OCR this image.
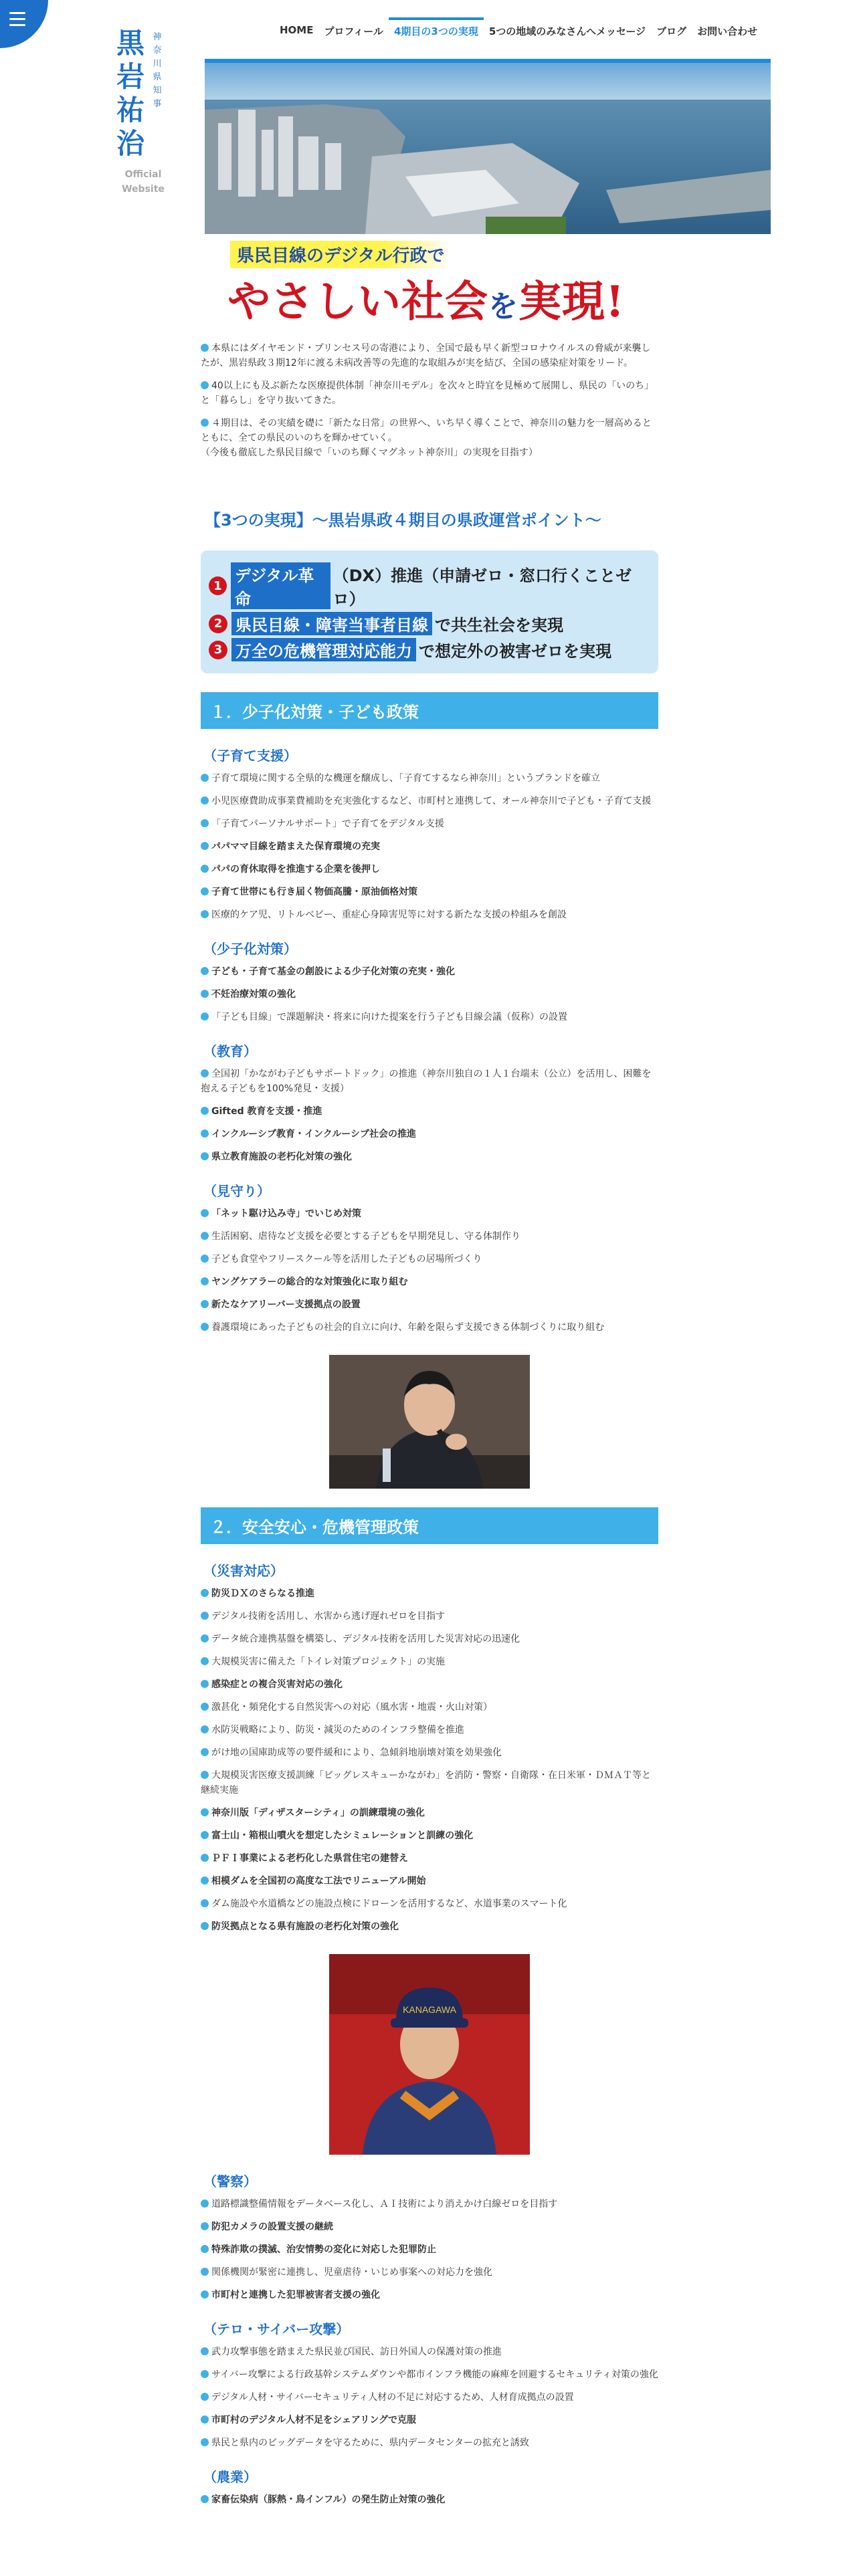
黒岩祐治
神奈川県知事
Official Website
HOME	プロフィール	4期目の3つの実現	5つの地域のみなさんへメッセージ	ブログ	お問い合わせ
県民目線のデジタル行政で
やさしい社会を実現!

本県にはダイヤモンド・プリンセス号の寄港により、全国で最も早く新型コロナウイルスの脅威が来襲したが、黒岩県政３期12年に渡る未病改善等の先進的な取組みが実を結び、全国の感染症対策をリード。

40以上にも及ぶ新たな医療提供体制「神奈川モデル」を次々と時宜を見極めて展開し、県民の「いのち」と「暮らし」を守り抜いてきた。

４期目は、その実績を礎に「新たな日常」の世界へ、いち早く導くことで、神奈川の魅力を一層高めるとともに、全ての県民のいのちを輝かせていく。

（今後も徹底した県民目線で「いのち輝くマグネット神奈川」の実現を目指す）

【3つの実現】～黒岩県政４期目の県政運営ポイント～
1
デジタル革命
（DX）推進（申請ゼロ・窓口行くことゼロ）
2 県民目線・障害当事者目線 で共生社会を実現
3 万全の危機管理対応能力 で想定外の被害ゼロを実現
１．少子化対策・子ども政策
（子育て支援）
子育て環境に関する全県的な機運を醸成し、「子育てするなら神奈川」というブランドを確立
小児医療費助成事業費補助を充実強化するなど、市町村と連携して、オール神奈川で子ども・子育て支援
「子育てパーソナルサポート」で子育てをデジタル支援
パパママ目線を踏まえた保育環境の充実
パパの育休取得を推進する企業を後押し
子育て世帯にも行き届く物価高騰・原油価格対策
医療的ケア児、リトルベビー、重症心身障害児等に対する新たな支援の枠組みを創設
（少子化対策）
子ども・子育て基金の創設による少子化対策の充実・強化
不妊治療対策の強化
「子ども目線」で課題解決・将来に向けた提案を行う子ども目線会議（仮称）の設置
（教育）
全国初「かながわ子どもサポートドック」の推進（神奈川独自の１人１台端末（公立）を活用し、困難を抱える子どもを100%発見・支援）
Gifted 教育を支援・推進
インクルーシブ教育・インクルーシブ社会の推進
県立教育施設の老朽化対策の強化
（見守り）
「ネット駆け込み寺」でいじめ対策
生活困窮、虐待など支援を必要とする子どもを早期発見し、守る体制作り
子ども食堂やフリースクール等を活用した子どもの居場所づくり
ヤングケアラーの総合的な対策強化に取り組む
新たなケアリーバー支援拠点の設置
養護環境にあった子どもの社会的自立に向け、年齢を限らず支援できる体制づくりに取り組む
２．安全安心・危機管理政策
（災害対応）
防災ＤＸのさらなる推進
デジタル技術を活用し、水害から逃げ遅れゼロを目指す
データ統合連携基盤を構築し、デジタル技術を活用した災害対応の迅速化
大規模災害に備えた「トイレ対策プロジェクト」の実施
感染症との複合災害対応の強化
激甚化・頻発化する自然災害への対応（風水害・地震・火山対策）
水防災戦略により、防災・減災のためのインフラ整備を推進
がけ地の国庫助成等の要件緩和により、急傾斜地崩壊対策を効果強化
大規模災害医療支援訓練「ビッグレスキューかながわ」を消防・警察・自衛隊・在日米軍・ＤＭＡＴ等と継続実施
神奈川版「ディザスターシティ」の訓練環境の強化
富士山・箱根山噴火を想定したシミュレーションと訓練の強化
ＰＦＩ事業による老朽化した県営住宅の建替え
相模ダムを全国初の高度な工法でリニューアル開始
ダム施設や水道橋などの施設点検にドローンを活用するなど、水道事業のスマート化
防災拠点となる県有施設の老朽化対策の強化
KANAGAWA
（警察）
道路標識整備情報をデータベース化し、ＡＩ技術により消えかけ白線ゼロを目指す
防犯カメラの設置支援の継続
特殊詐欺の撲滅、治安情勢の変化に対応した犯罪防止
関係機関が緊密に連携し、児童虐待・いじめ事案への対応力を強化
市町村と連携した犯罪被害者支援の強化
（テロ・サイバー攻撃）
武力攻撃事態を踏まえた県民並び国民、訪日外国人の保護対策の推進
サイバー攻撃による行政基幹システムダウンや都市インフラ機能の麻痺を回避するセキュリティ対策の強化
デジタル人材・サイバーセキュリティ人材の不足に対応するため、人材育成拠点の設置
市町村のデジタル人材不足をシェアリングで克服
県民と県内のビッグデータを守るために、県内データセンターの拡充と誘致
（農業）
家畜伝染病（豚熱・鳥インフル）の発生防止対策の強化
